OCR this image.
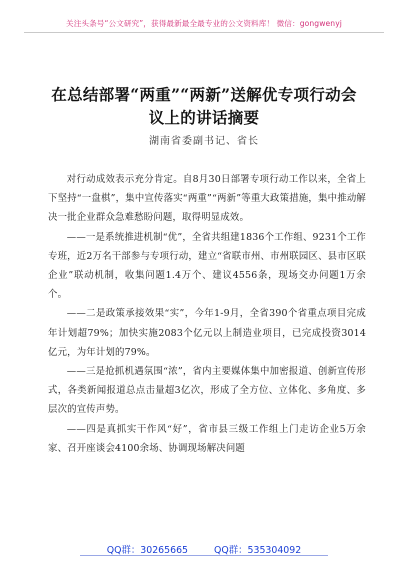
关注头条号“公文研究”，获得最新最全最专业的公文资料库！ 微信：gongwenyj
在总结部署“两重”“两新”送解优专项行动会
议上的讲话摘要
湖南省委副书记、省长

对行动成效表示充分肯定。自8月30日部署专项行动工作以来，全省上下坚持“一盘棋”，集中宣传落实“两重”“两新”等重大政策措施，集中推动解决一批企业群众急难愁盼问题，取得明显成效。

——一是系统推进机制“优”，全省共组建1836个工作组、9231个工作专班，近2万名干部参与专项行动，建立“省联市州、市州联园区、县市区联企业”联动机制，收集问题1.4万个、建议4556条，现场交办问题1万余个。

——二是政策承接效果“实”，今年1-9月，全省390个省重点项目完成年计划超79%；加快实施2083个亿元以上制造业项目，已完成投资3014亿元，为年计划的79%。

——三是抢抓机遇氛围“浓”，省内主要媒体集中加密报道、创新宣传形式，各类新闻报道总点击量超3亿次，形成了全方位、立体化、多角度、多层次的宣传声势。

——四是真抓实干作风“好”，省市县三级工作组上门走访企业5万余家、召开座谈会4100余场、协调现场解决问题

QQ群：30265665	QQ群：535304092
